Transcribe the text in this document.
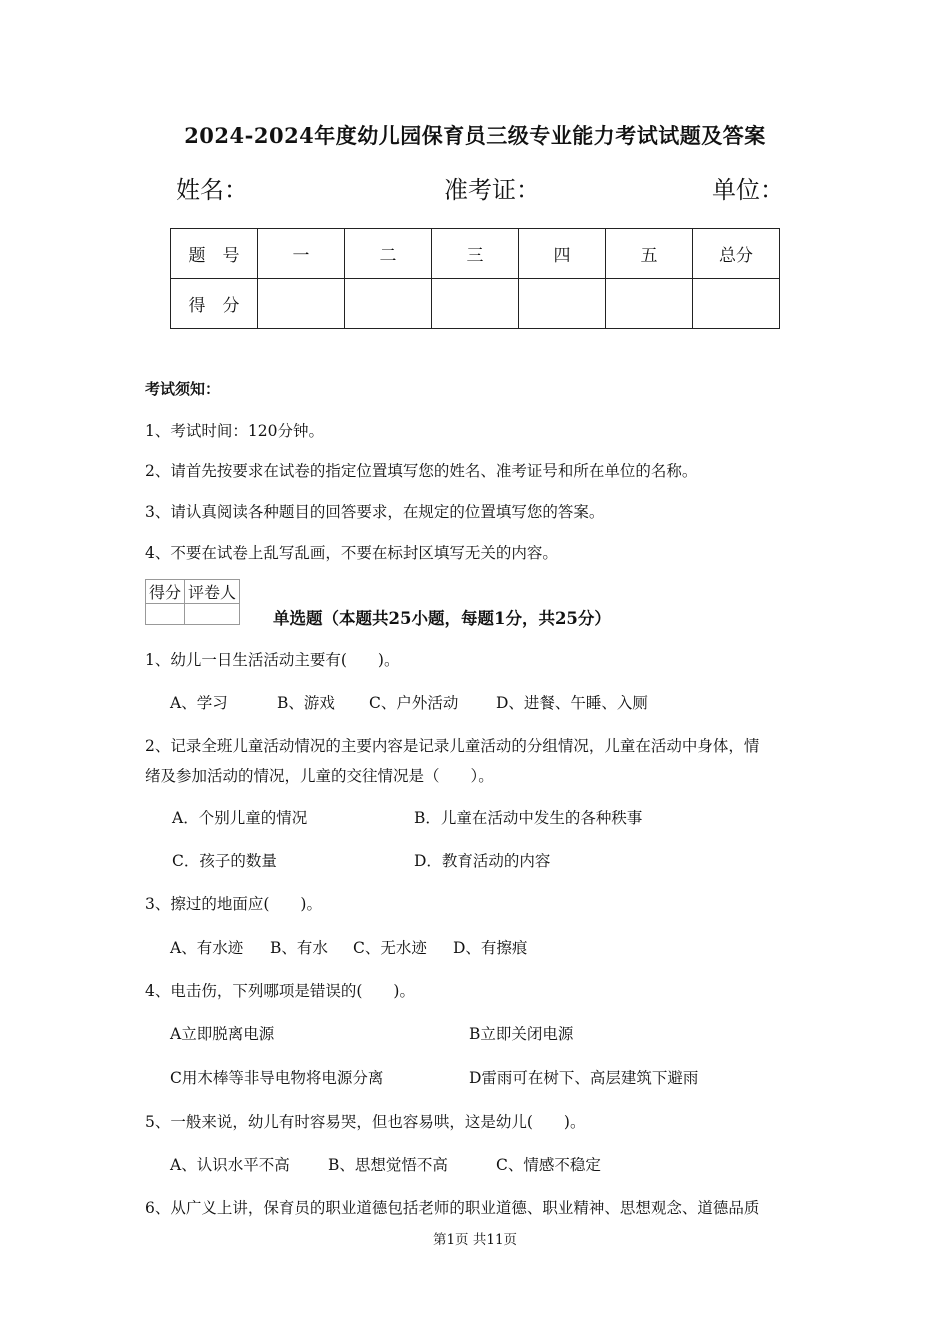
2024-2024年度幼儿园保育员三级专业能力考试试题及答案
姓名：	准考证：	单位：
题　号	一	二	三	四	五	总分
得　分						
考试须知：
1、考试时间：120分钟。
2、请首先按要求在试卷的指定位置填写您的姓名、准考证号和所在单位的名称。
3、请认真阅读各种题目的回答要求，在规定的位置填写您的答案。
4、不要在试卷上乱写乱画，不要在标封区填写无关的内容。
得分	评卷人

单选题（本题共25小题，每题1分，共25分）
1、幼儿一日生活活动主要有(　　)。
A、学习	B、游戏 C、户外活动 D、进餐、午睡、入厕
2、记录全班儿童活动情况的主要内容是记录儿童活动的分组情况，儿童在活动中身体，情
绪及参加活动的情况，儿童的交往情况是（　　）。
A．个别儿童的情况	B．儿童在活动中发生的各种秩事
C．孩子的数量	D．教育活动的内容
3、擦过的地面应(　　)。
A、有水迹 B、有水 C、无水迹 D、有擦痕
4、电击伤，下列哪项是错误的(　　)。
A立即脱离电源	B立即关闭电源
C用木棒等非导电物将电源分离	D雷雨可在树下、高层建筑下避雨
5、一般来说，幼儿有时容易哭，但也容易哄，这是幼儿(　　)。
A、认识水平不高 B、思想觉悟不高	C、情感不稳定
6、从广义上讲，保育员的职业道德包括老师的职业道德、职业精神、思想观念、道德品质
第1页 共11页
